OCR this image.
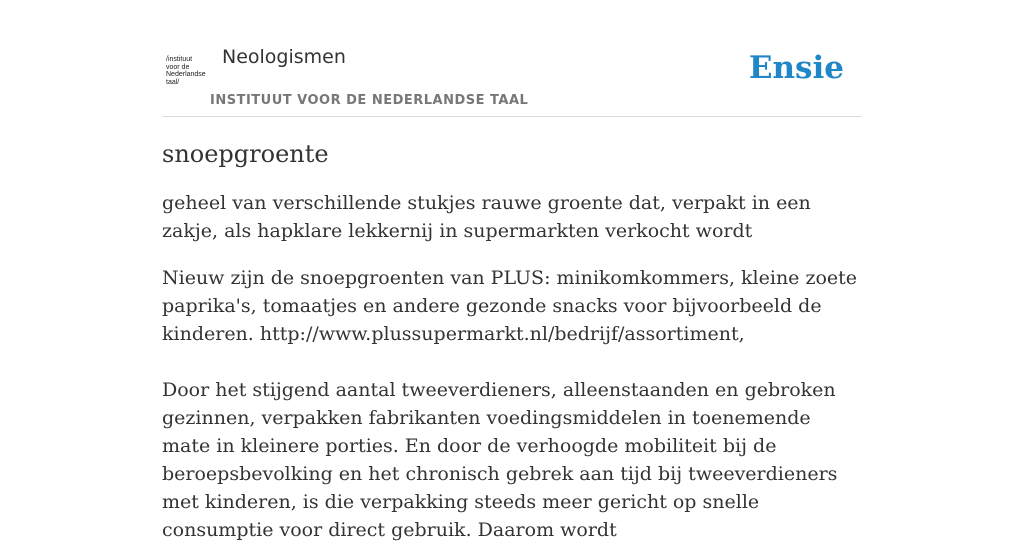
/instituut
voor de
Nederlandse
taal/
Neologismen
INSTITUUT VOOR DE NEDERLANDSE TAAL
Ensie
snoepgroente

geheel van verschillende stukjes rauwe groente dat, verpakt in een zakje, als hapklare lekkernij in supermarkten verkocht wordt

Nieuw zijn de snoepgroenten van PLUS: minikomkommers, kleine zoete paprika's, tomaatjes en andere gezonde snacks voor bijvoorbeeld de kinderen. http://www.plussupermarkt.nl/bedrijf/assortiment,

Door het stijgend aantal tweeverdieners, alleenstaanden en gebroken gezinnen, verpakken fabrikanten voedingsmiddelen in toenemende mate in kleinere porties. En door de verhoogde mobiliteit bij de beroepsbevolking en het chronisch gebrek aan tijd bij tweeverdieners met kinderen, is die verpakking steeds meer gericht op snelle consumptie voor direct gebruik. Daarom wordt
